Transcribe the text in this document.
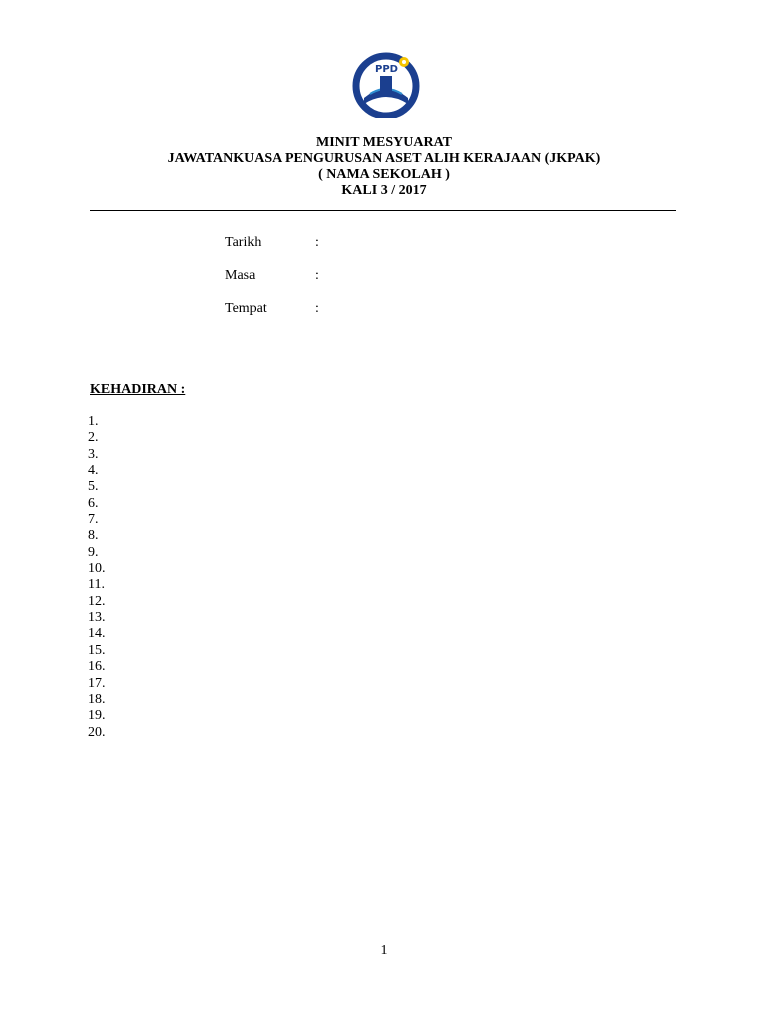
PPD
MINIT MESYUARAT
JAWATANKUASA PENGURUSAN ASET ALIH KERAJAAN (JKPAK)
( NAMA SEKOLAH )
KALI 3 / 2017
Tarikh	:
Masa	:
Tempat	:
KEHADIRAN :
1.
2.
3.
4.
5.
6.
7.
8.
9.
10.
11.
12.
13.
14.
15.
16.
17.
18.
19.
20.
1
